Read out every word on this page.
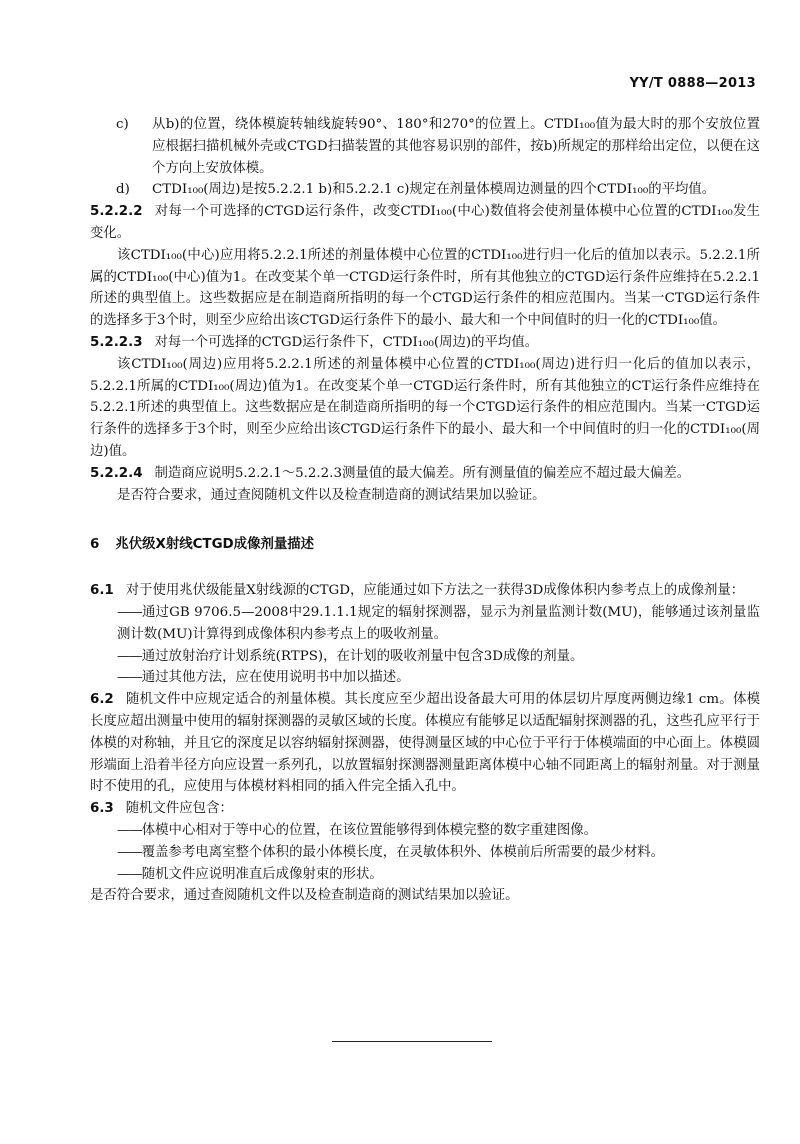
YY/T 0888—2013
c)	从b)的位置，绕体模旋转轴线旋转90°、180°和270°的位置上。CTDI₁₀₀值为最大时的那个安放位置应根据扫描机械外壳或CTGD扫描装置的其他容易识别的部件，按b)所规定的那样给出定位，以便在这个方向上安放体模。
d)	CTDI₁₀₀(周边)是按5.2.2.1 b)和5.2.2.1 c)规定在剂量体模周边测量的四个CTDI₁₀₀的平均值。

5.2.2.2 对每一个可选择的CTGD运行条件，改变CTDI₁₀₀(中心)数值将会使剂量体模中心位置的CTDI₁₀₀发生变化。

该CTDI₁₀₀(中心)应用将5.2.2.1所述的剂量体模中心位置的CTDI₁₀₀进行归一化后的值加以表示。5.2.2.1所属的CTDI₁₀₀(中心)值为1。在改变某个单一CTGD运行条件时，所有其他独立的CTGD运行条件应维持在5.2.2.1所述的典型值上。这些数据应是在制造商所指明的每一个CTGD运行条件的相应范围内。当某一CTGD运行条件的选择多于3个时，则至少应给出该CTGD运行条件下的最小、最大和一个中间值时的归一化的CTDI₁₀₀值。

5.2.2.3 对每一个可选择的CTGD运行条件下，CTDI₁₀₀(周边)的平均值。

该CTDI₁₀₀(周边)应用将5.2.2.1所述的剂量体模中心位置的CTDI₁₀₀(周边)进行归一化后的值加以表示，5.2.2.1所属的CTDI₁₀₀(周边)值为1。在改变某个单一CTGD运行条件时，所有其他独立的CT运行条件应维持在5.2.2.1所述的典型值上。这些数据应是在制造商所指明的每一个CTGD运行条件的相应范围内。当某一CTGD运行条件的选择多于3个时，则至少应给出该CTGD运行条件下的最小、最大和一个中间值时的归一化的CTDI₁₀₀(周边)值。

5.2.2.4 制造商应说明5.2.2.1～5.2.2.3测量值的最大偏差。所有测量值的偏差应不超过最大偏差。

是否符合要求，通过查阅随机文件以及检查制造商的测试结果加以验证。

6 兆伏级X射线CTGD成像剂量描述

6.1 对于使用兆伏级能量X射线源的CTGD，应能通过如下方法之一获得3D成像体积内参考点上的成像剂量：

——通过GB 9706.5—2008中29.1.1.1规定的辐射探测器，显示为剂量监测计数(MU)，能够通过该剂量监测计数(MU)计算得到成像体积内参考点上的吸收剂量。

——通过放射治疗计划系统(RTPS)，在计划的吸收剂量中包含3D成像的剂量。

——通过其他方法，应在使用说明书中加以描述。

6.2 随机文件中应规定适合的剂量体模。其长度应至少超出设备最大可用的体层切片厚度两侧边缘1 cm。体模长度应超出测量中使用的辐射探测器的灵敏区域的长度。体模应有能够足以适配辐射探测器的孔，这些孔应平行于体模的对称轴，并且它的深度足以容纳辐射探测器，使得测量区域的中心位于平行于体模端面的中心面上。体模圆形端面上沿着半径方向应设置一系列孔，以放置辐射探测器测量距离体模中心轴不同距离上的辐射剂量。对于测量时不使用的孔，应使用与体模材料相同的插入件完全插入孔中。

6.3 随机文件应包含：

——体模中心相对于等中心的位置，在该位置能够得到体模完整的数字重建图像。

——覆盖参考电离室整个体积的最小体模长度，在灵敏体积外、体模前后所需要的最少材料。

——随机文件应说明准直后成像射束的形状。

是否符合要求，通过查阅随机文件以及检查制造商的测试结果加以验证。
